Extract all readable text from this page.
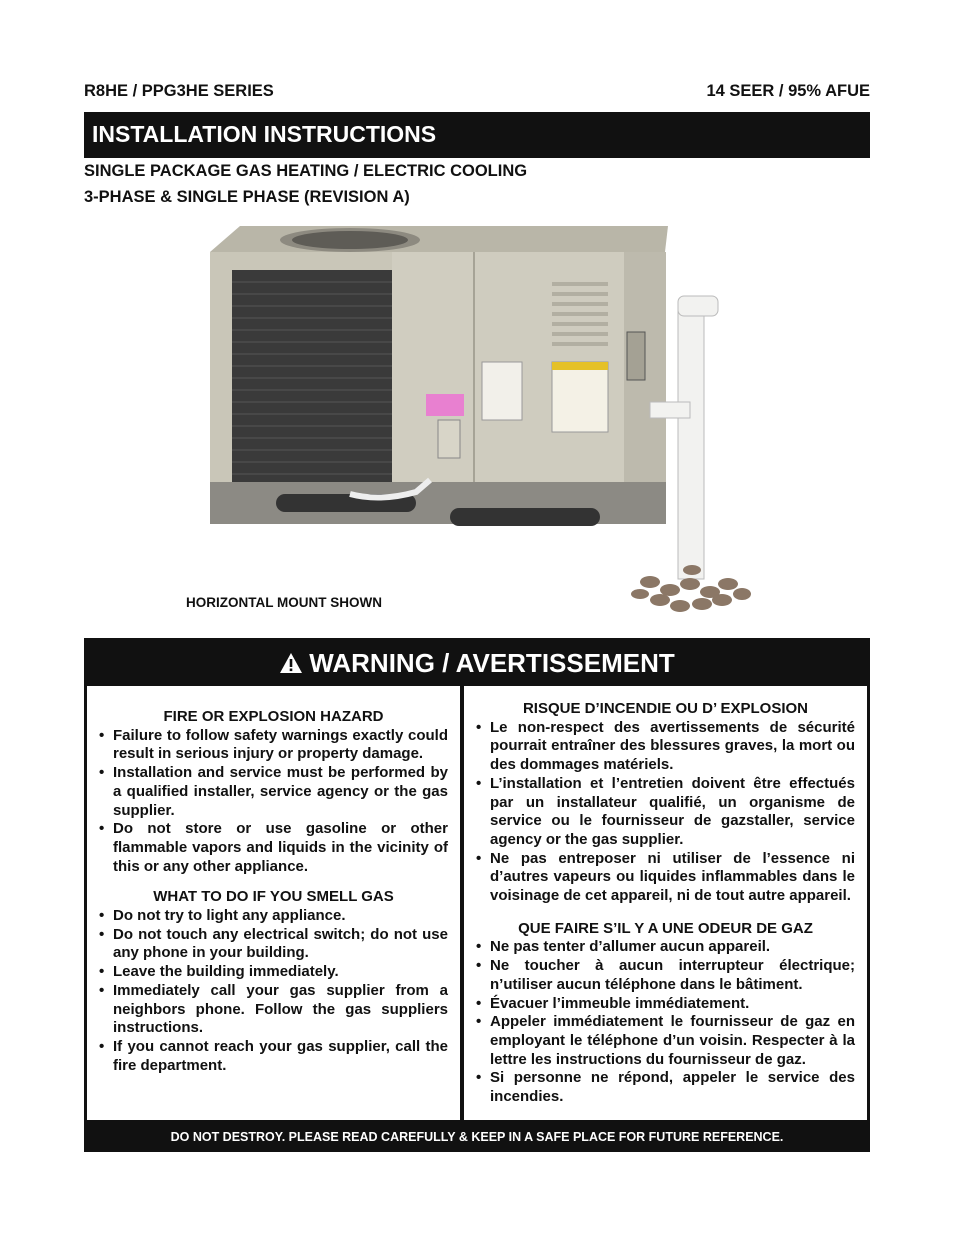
R8HE / PPG3HE SERIES	14 SEER / 95% AFUE
INSTALLATION INSTRUCTIONS
SINGLE PACKAGE GAS HEATING / ELECTRIC COOLING
3-PHASE & SINGLE PHASE (REVISION A)
HORIZONTAL MOUNT SHOWN
WARNING / AVERTISSEMENT

FIRE OR EXPLOSION HAZARD

• Failure to follow safety warnings exactly could result in serious injury or property damage.
• Installation and service must be performed by a qualified installer, service agency or the gas supplier.
• Do not store or use gasoline or other flammable vapors and liquids in the vicinity of this or any other appliance.

WHAT TO DO IF YOU SMELL GAS

• Do not try to light any appliance.
• Do not touch any electrical switch; do not use any phone in your building.
• Leave the building immediately.
• Immediately call your gas supplier from a neighbors phone. Follow the gas suppliers instructions.
• If you cannot reach your gas supplier, call the fire department.

RISQUE D’INCENDIE OU D’ EXPLOSION

• Le non-respect des avertissements de sécurité pourrait entraîner des blessures graves, la mort ou des dommages matériels.
• L’installation et l’entretien doivent être effectués par un installateur qualifié, un organisme de service ou le fournisseur de gazstaller, service agency or the gas supplier.
• Ne pas entreposer ni utiliser de l’essence ni d’autres vapeurs ou liquides inflammables dans le voisinage de cet appareil, ni de tout autre appareil.

QUE FAIRE S’IL Y A UNE ODEUR DE GAZ

• Ne pas tenter d’allumer aucun appareil.
• Ne toucher à aucun interrupteur électrique; n’utiliser aucun téléphone dans le bâtiment.
• Évacuer l’immeuble immédiatement.
• Appeler immédiatement le fournisseur de gaz en employant le téléphone d’un voisin. Respecter à la lettre les instructions du fournisseur de gaz.
• Si personne ne répond, appeler le service des incendies.
DO NOT DESTROY. PLEASE READ CAREFULLY & KEEP IN A SAFE PLACE FOR FUTURE REFERENCE.
